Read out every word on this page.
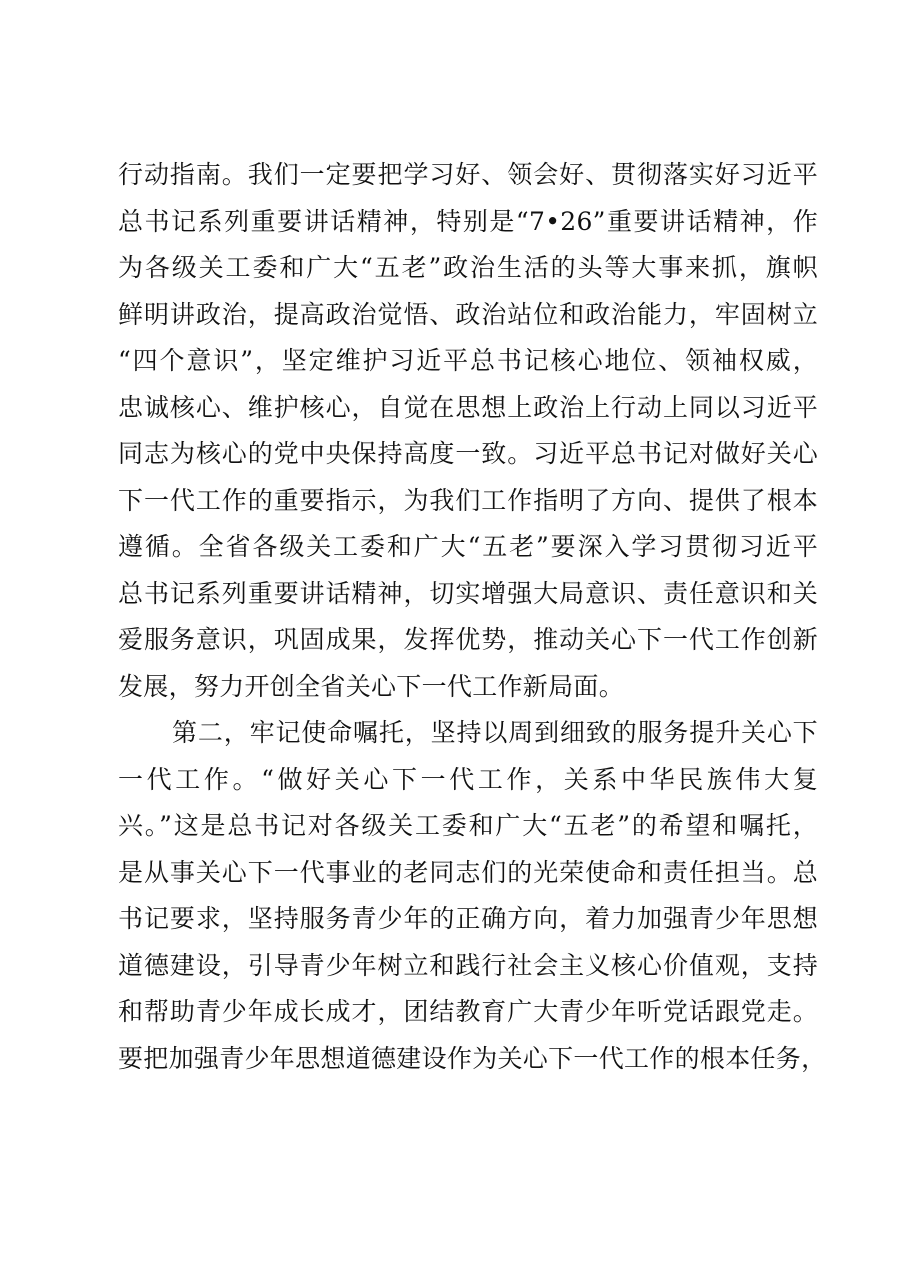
行动指南。我们一定要把学习好、领会好、贯彻落实好习近平
总书记系列重要讲话精神，特别是“7•26”重要讲话精神，作
为各级关工委和广大“五老”政治生活的头等大事来抓，旗帜
鲜明讲政治，提高政治觉悟、政治站位和政治能力，牢固树立
“四个意识”，坚定维护习近平总书记核心地位、领袖权威，
忠诚核心、维护核心，自觉在思想上政治上行动上同以习近平
同志为核心的党中央保持高度一致。习近平总书记对做好关心
下一代工作的重要指示，为我们工作指明了方向、提供了根本
遵循。全省各级关工委和广大“五老”要深入学习贯彻习近平
总书记系列重要讲话精神，切实增强大局意识、责任意识和关
爱服务意识，巩固成果，发挥优势，推动关心下一代工作创新
发展，努力开创全省关心下一代工作新局面。
第二，牢记使命嘱托，坚持以周到细致的服务提升关心下
一代工作。“做好关心下一代工作，关系中华民族伟大复
兴。”这是总书记对各级关工委和广大“五老”的希望和嘱托，
是从事关心下一代事业的老同志们的光荣使命和责任担当。总
书记要求，坚持服务青少年的正确方向，着力加强青少年思想
道德建设，引导青少年树立和践行社会主义核心价值观，支持
和帮助青少年成长成才，团结教育广大青少年听党话跟党走。
要把加强青少年思想道德建设作为关心下一代工作的根本任务，
